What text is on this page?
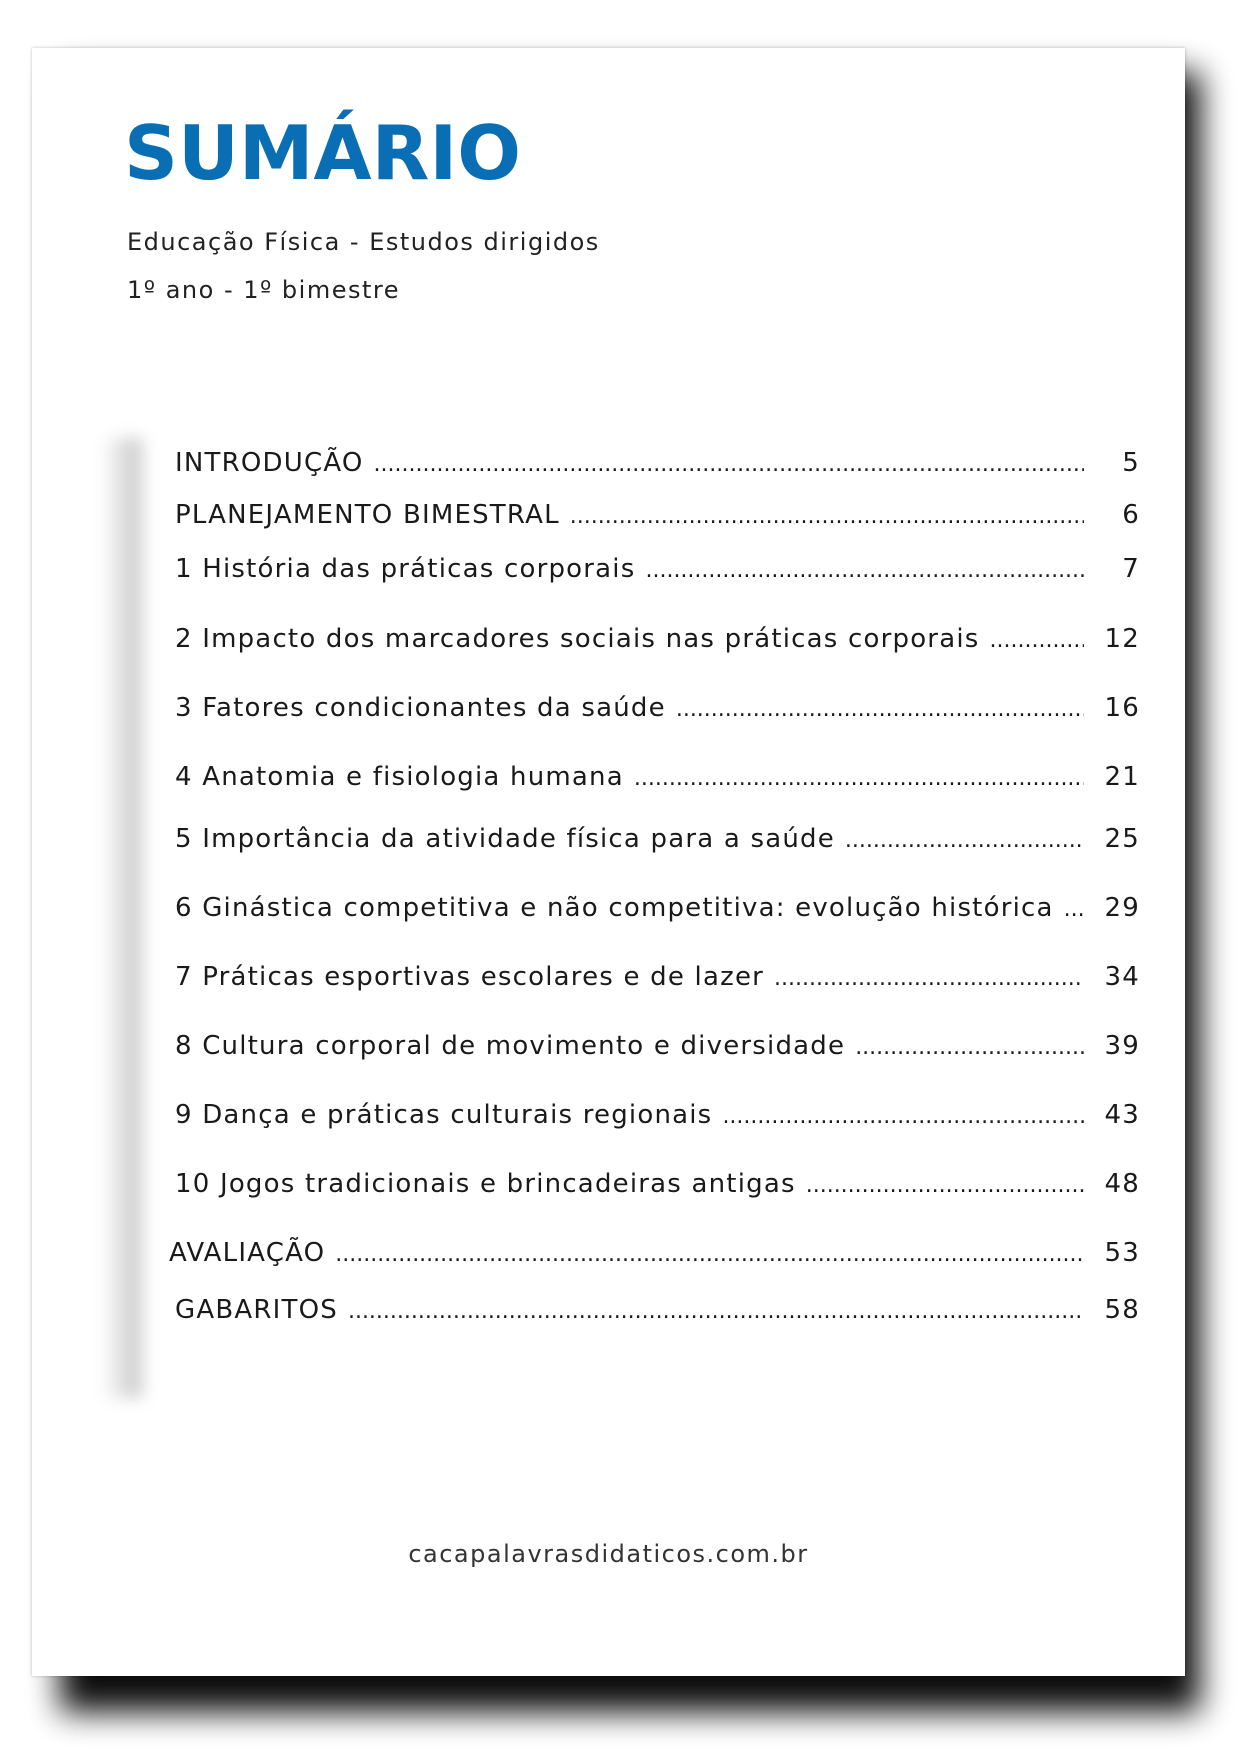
SUMÁRIO

Educação Física - Estudos dirigidos

1º ano - 1º bimestre

INTRODUÇÃO .....	5
PLANEJAMENTO BIMESTRAL .....	6
1 História das práticas corporais .....	7
2 Impacto dos marcadores sociais nas práticas corporais .....	12
3 Fatores condicionantes da saúde .....	16
4 Anatomia e fisiologia humana .....	21
5 Importância da atividade física para a saúde .....	25
6 Ginástica competitiva e não competitiva: evolução histórica .....	29
7 Práticas esportivas escolares e de lazer .....	34
8 Cultura corporal de movimento e diversidade .....	39
9 Dança e práticas culturais regionais .....	43
10 Jogos tradicionais e brincadeiras antigas .....	48
AVALIAÇÃO .....	53
GABARITOS .....	58

cacapalavrasdidaticos.com.br
